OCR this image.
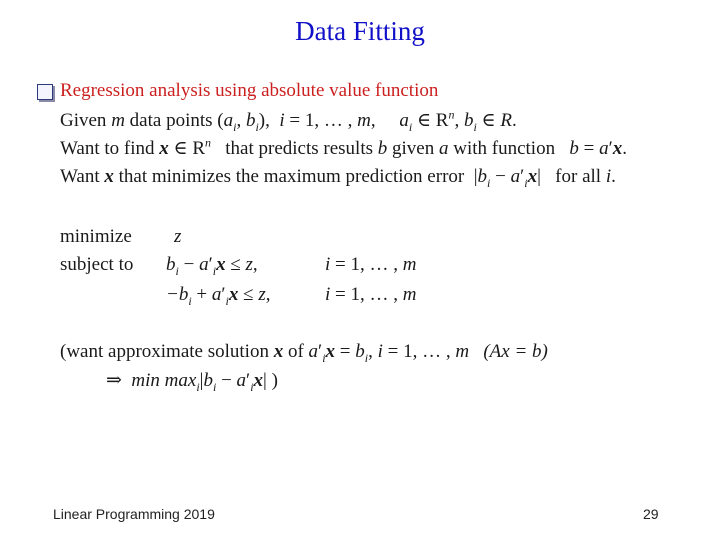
Data Fitting
Regression analysis using absolute value function
Given m data points ($a_i$, $b_i$), i = 1, … , m,     $a_i$ ∈ $R^n$, $b_i$ ∈ R.
Want to find x ∈ $R^n$ that predicts results b given a with function b = a′x.
Want x that minimizes the maximum prediction error  $|b_i - a'_ix|$   for all i.
minimize z
subject to $b_i - a'_ix \le z$,	i = 1, … , m
$-b_i + a'_ix \le z$,	i = 1, … , m
(want approximate solution x of $a'_ix = b_i$, i = 1, … , m (Ax = b)
⇒ $\min \max_i|b_i - a'_ix|$ )
Linear Programming 2019	29
